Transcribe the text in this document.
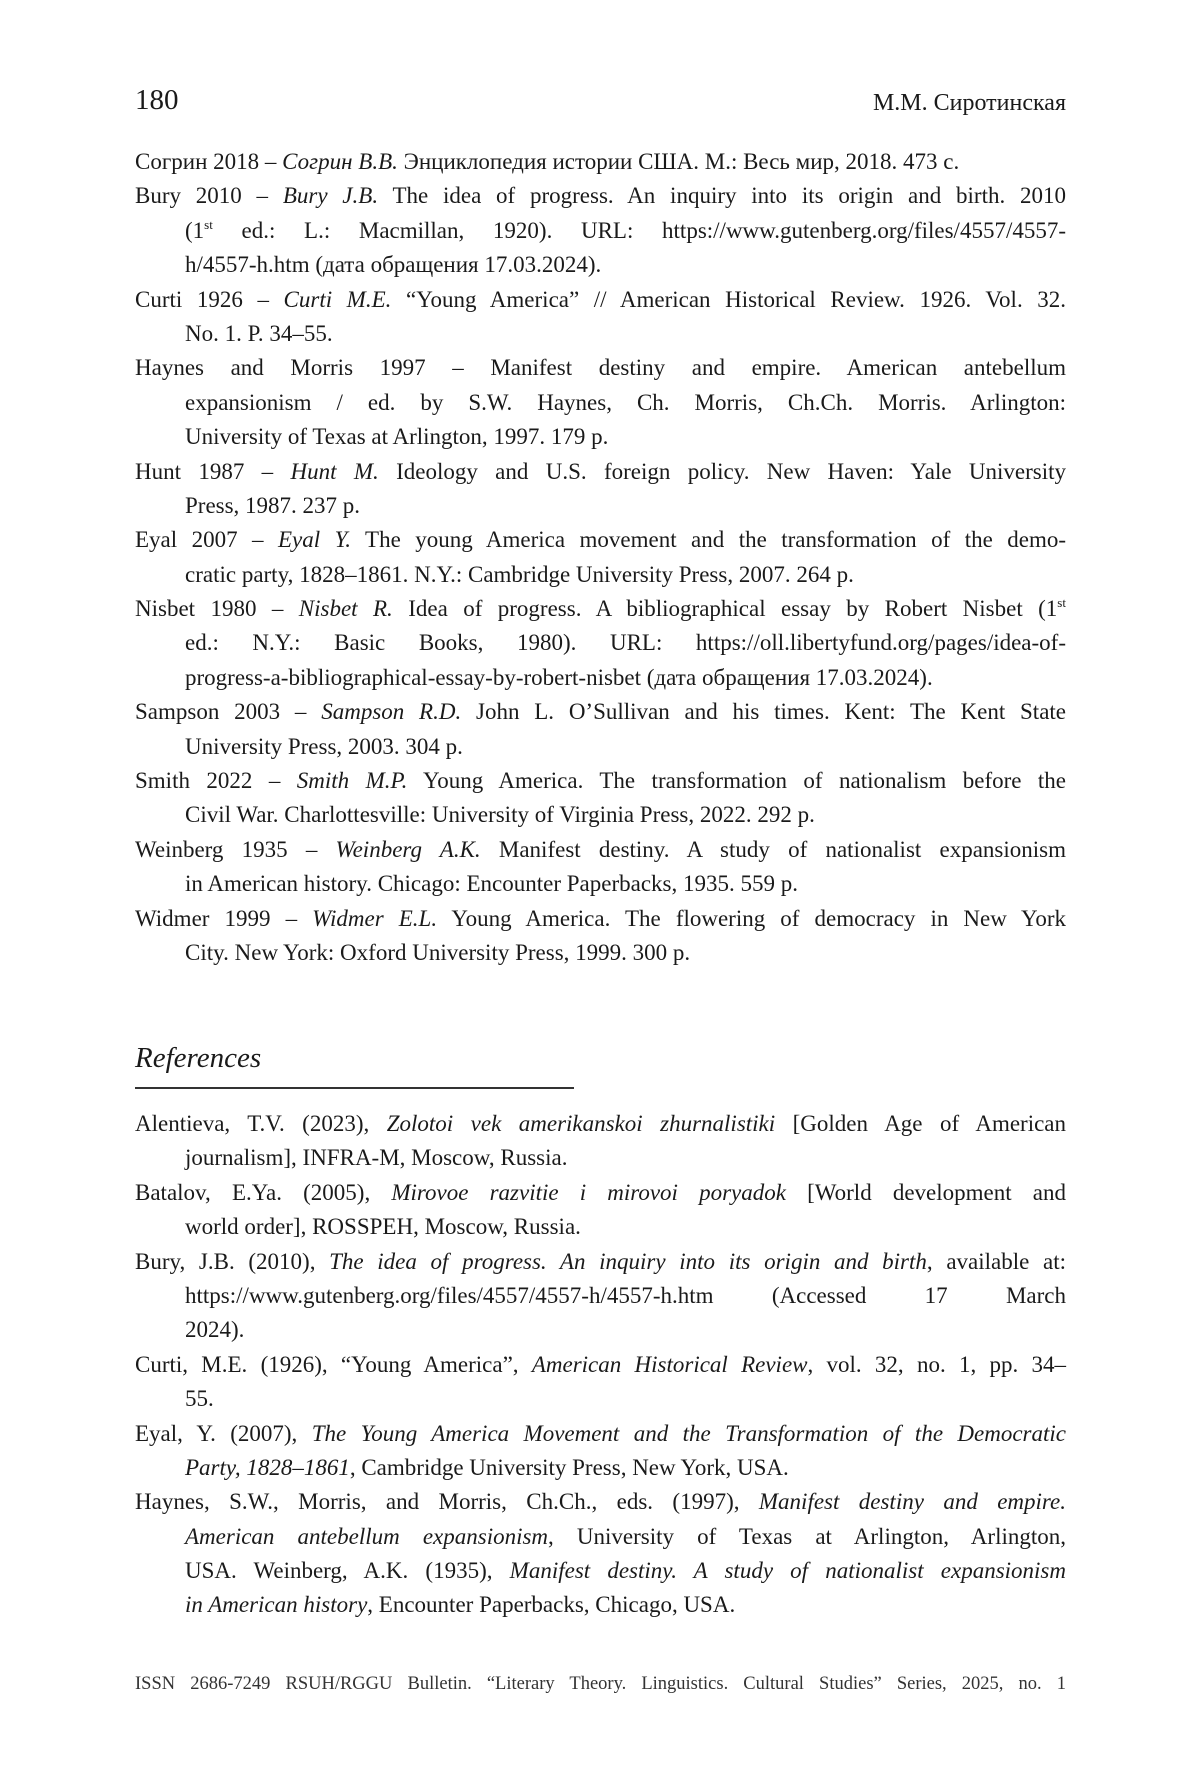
180	М.М. Сиротинская
Согрин 2018 – Согрин В.В. Энциклопедия истории США. М.: Весь мир, 2018. 473 с.
Bury 2010 – Bury J.B. The idea of progress. An inquiry into its origin and birth. 2010
(1st ed.: L.: Macmillan, 1920). URL: https://www.gutenberg.org/files/4557/4557-
h/4557-h.htm (дата обращения 17.03.2024).
Curti 1926 – Curti M.E. “Young America” // American Historical Review. 1926. Vol. 32.
No. 1. P. 34–55.
Haynes and Morris 1997 – Manifest destiny and empire. American antebellum
expansionism / ed. by S.W. Haynes, Ch. Morris, Ch.Ch. Morris. Arlington:
University of Texas at Arlington, 1997. 179 p.
Hunt 1987 – Hunt M. Ideology and U.S. foreign policy. New Haven: Yale University
Press, 1987. 237 p.
Eyal 2007 – Eyal Y. The young America movement and the transformation of the demo-
cratic party, 1828–1861. N.Y.: Cambridge University Press, 2007. 264 p.
Nisbet 1980 – Nisbet R. Idea of progress. A bibliographical essay by Robert Nisbet (1st
ed.: N.Y.: Basic Books, 1980). URL: https://oll.libertyfund.org/pages/idea-of-
progress-a-bibliographical-essay-by-robert-nisbet (дата обращения 17.03.2024).
Sampson 2003 – Sampson R.D. John L. O’Sullivan and his times. Kent: The Kent State
University Press, 2003. 304 p.
Smith 2022 – Smith M.P. Young America. The transformation of nationalism before the
Civil War. Charlottesville: University of Virginia Press, 2022. 292 p.
Weinberg 1935 – Weinberg A.K. Manifest destiny. A study of nationalist expansionism
in American history. Chicago: Encounter Paperbacks, 1935. 559 p.
Widmer 1999 – Widmer E.L. Young America. The flowering of democracy in New York
City. New York: Oxford University Press, 1999. 300 p.
References
Alentieva, T.V. (2023), Zolotoi vek amerikanskoi zhurnalistiki [Golden Age of American
journalism], INFRA-M, Moscow, Russia.
Batalov, E.Ya. (2005), Mirovoe razvitie i mirovoi poryadok [World development and
world order], ROSSPEH, Moscow, Russia.
Bury, J.B. (2010), The idea of progress. An inquiry into its origin and birth, available at:
https://www.gutenberg.org/files/4557/4557-h/4557-h.htm (Accessed 17 March
2024).
Curti, M.E. (1926), “Young America”, American Historical Review, vol. 32, no. 1, pp. 34–
55.
Eyal, Y. (2007), The Young America Movement and the Transformation of the Democratic
Party, 1828–1861, Cambridge University Press, New York, USA.
Haynes, S.W., Morris, and Morris, Ch.Ch., eds. (1997), Manifest destiny and empire.
American antebellum expansionism, University of Texas at Arlington, Arlington,
USA. Weinberg, A.K. (1935), Manifest destiny. A study of nationalist expansionism
in American history, Encounter Paperbacks, Chicago, USA.
ISSN 2686-7249 RSUH/RGGU Bulletin. “Literary Theory. Linguistics. Cultural Studies” Series, 2025, no. 1
